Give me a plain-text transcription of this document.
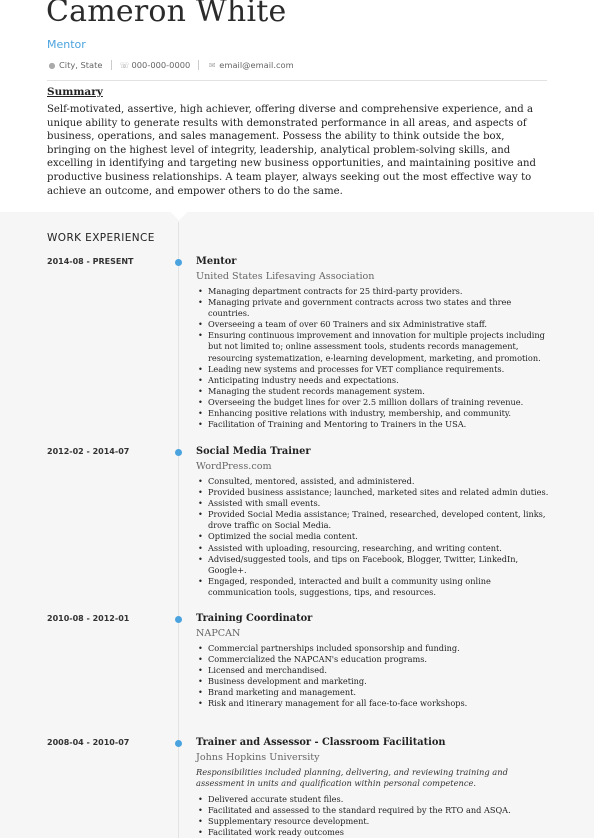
Cameron White
Mentor
● City, State ☏ 000-000-0000 ✉ email@email.com
Summary
Self-motivated, assertive, high achiever, offering diverse and comprehensive experience, and a unique ability to generate results with demonstrated performance in all areas, and aspects of business, operations, and sales management. Possess the ability to think outside the box, bringing on the highest level of integrity, leadership, analytical problem-solving skills, and excelling in identifying and targeting new business opportunities, and maintaining positive and productive business relationships. A team player, always seeking out the most effective way to achieve an outcome, and empower others to do the same.
WORK EXPERIENCE
2014-08 - PRESENT	Mentor
United States Lifesaving Association
• Managing department contracts for 25 third-party providers.
• Managing private and government contracts across two states and three countries.
• Overseeing a team of over 60 Trainers and six Administrative staff.
• Ensuring continuous improvement and innovation for multiple projects including but not limited to; online assessment tools, students records management, resourcing systematization, e-learning development, marketing, and promotion.
• Leading new systems and processes for VET compliance requirements.
• Anticipating industry needs and expectations.
• Managing the student records management system.
• Overseeing the budget lines for over 2.5 million dollars of training revenue.
• Enhancing positive relations with industry, membership, and community.
• Facilitation of Training and Mentoring to Trainers in the USA.
2012-02 - 2014-07	Social Media Trainer
WordPress.com
• Consulted, mentored, assisted, and administered.
• Provided business assistance; launched, marketed sites and related admin duties.
• Assisted with small events.
• Provided Social Media assistance; Trained, researched, developed content, links, drove traffic on Social Media.
• Optimized the social media content.
• Assisted with uploading, resourcing, researching, and writing content.
• Advised/suggested tools, and tips on Facebook, Blogger, Twitter, LinkedIn, Google+.
• Engaged, responded, interacted and built a community using online communication tools, suggestions, tips, and resources.
2010-08 - 2012-01	Training Coordinator
NAPCAN
• Commercial partnerships included sponsorship and funding.
• Commercialized the NAPCAN's education programs.
• Licensed and merchandised.
• Business development and marketing.
• Brand marketing and management.
• Risk and itinerary management for all face-to-face workshops.
2008-04 - 2010-07	Trainer and Assessor - Classroom Facilitation
Johns Hopkins University
Responsibilities included planning, delivering, and reviewing training and assessment in units and qualification within personal competence.
• Delivered accurate student files.
• Facilitated and assessed to the standard required by the RTO and ASQA.
• Supplementary resource development.
• Facilitated work ready outcomes
